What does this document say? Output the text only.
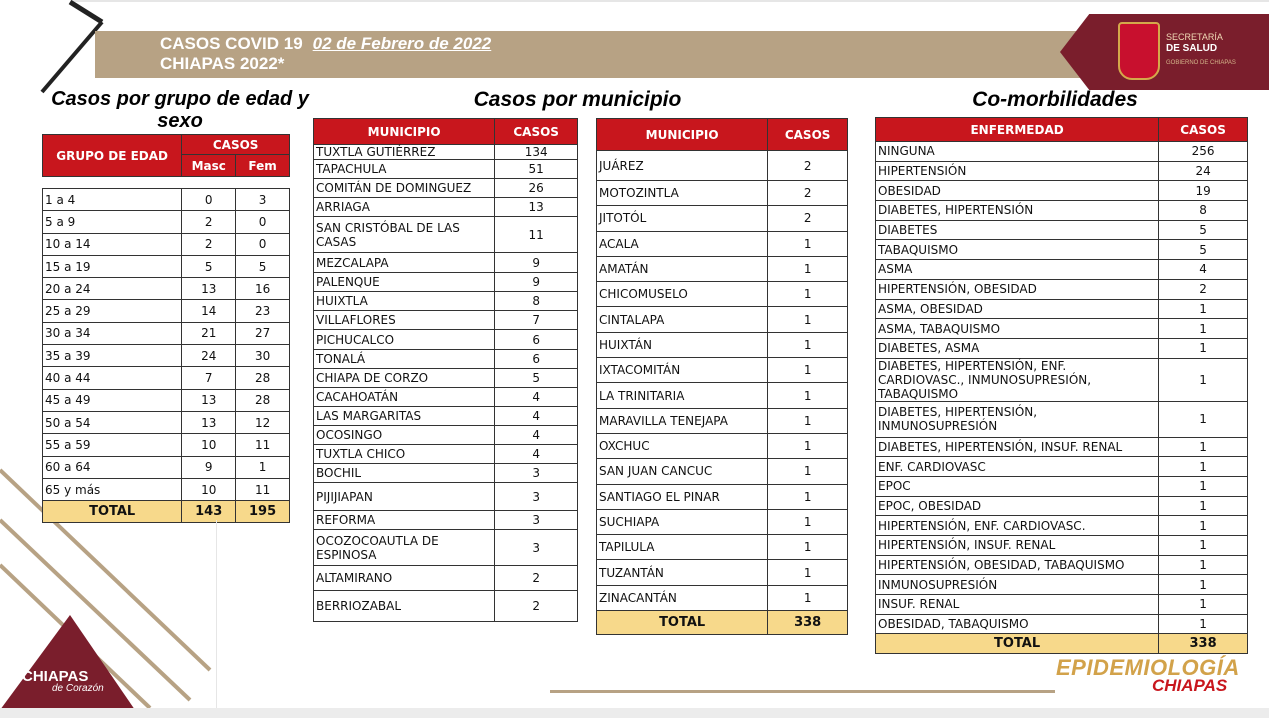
CASOS COVID 19 02 de Febrero de 2022
CHIAPAS 2022*
SECRETARÍA
DE SALUD
GOBIERNO DE CHIAPAS
Casos por grupo de edad y
sexo
Casos por municipio	Co-morbilidades
GRUPO DE EDAD	CASOS	
	Masc	Fem

1 a 4	0	3
5 a 9	2	0
10 a 14	2	0
15 a 19	5	5
20 a 24	13	16
25 a 29	14	23
30 a 34	21	27
35 a 39	24	30
40 a 44	7	28
45 a 49	13	28
50 a 54	13	12
55 a 59	10	11
60 a 64	9	1
65 y más	10	11
TOTAL	143	195
MUNICIPIO	CASOS
TUXTLA GUTIÉRREZ	134
TAPACHULA	51
COMITÁN DE DOMINGUEZ	26
ARRIAGA	13
SAN CRISTÓBAL DE LAS CASAS	11
MEZCALAPA	9
PALENQUE	9
HUIXTLA	8
VILLAFLORES	7
PICHUCALCO	6
TONALÁ	6
CHIAPA DE CORZO	5
CACAHOATÁN	4
LAS MARGARITAS	4
OCOSINGO	4
TUXTLA CHICO	4
BOCHIL	3
PIJIJIAPAN	3
REFORMA	3
OCOZOCOAUTLA DE ESPINOSA	3
ALTAMIRANO	2
BERRIOZABAL	2
MUNICIPIO	CASOS
JUÁREZ	2
MOTOZINTLA	2
JITOTÓL	2
ACALA	1
AMATÁN	1
CHICOMUSELO	1
CINTALAPA	1
HUIXTÁN	1
IXTACOMITÁN	1
LA TRINITARIA	1
MARAVILLA TENEJAPA	1
OXCHUC	1
SAN JUAN CANCUC	1
SANTIAGO EL PINAR	1
SUCHIAPA	1
TAPILULA	1
TUZANTÁN	1
ZINACANTÁN	1
TOTAL	338
ENFERMEDAD	CASOS
NINGUNA	256
HIPERTENSIÓN	24
OBESIDAD	19
DIABETES, HIPERTENSIÓN	8
DIABETES	5
TABAQUISMO	5
ASMA	4
HIPERTENSIÓN, OBESIDAD	2
ASMA, OBESIDAD	1
ASMA, TABAQUISMO	1
DIABETES, ASMA	1
DIABETES, HIPERTENSIÓN, ENF. CARDIOVASC., INMUNOSUPRESIÓN, TABAQUISMO	1
DIABETES, HIPERTENSIÓN, INMUNOSUPRESIÓN	1
DIABETES, HIPERTENSIÓN, INSUF. RENAL	1
ENF. CARDIOVASC	1
EPOC	1
EPOC, OBESIDAD	1
HIPERTENSIÓN, ENF. CARDIOVASC.	1
HIPERTENSIÓN, INSUF. RENAL	1
HIPERTENSIÓN, OBESIDAD, TABAQUISMO	1
INMUNOSUPRESIÓN	1
INSUF. RENAL	1
OBESIDAD, TABAQUISMO	1
TOTAL	338
CHIAPAS
de Corazón
EPIDEMIOLOGÍA
CHIAPAS
